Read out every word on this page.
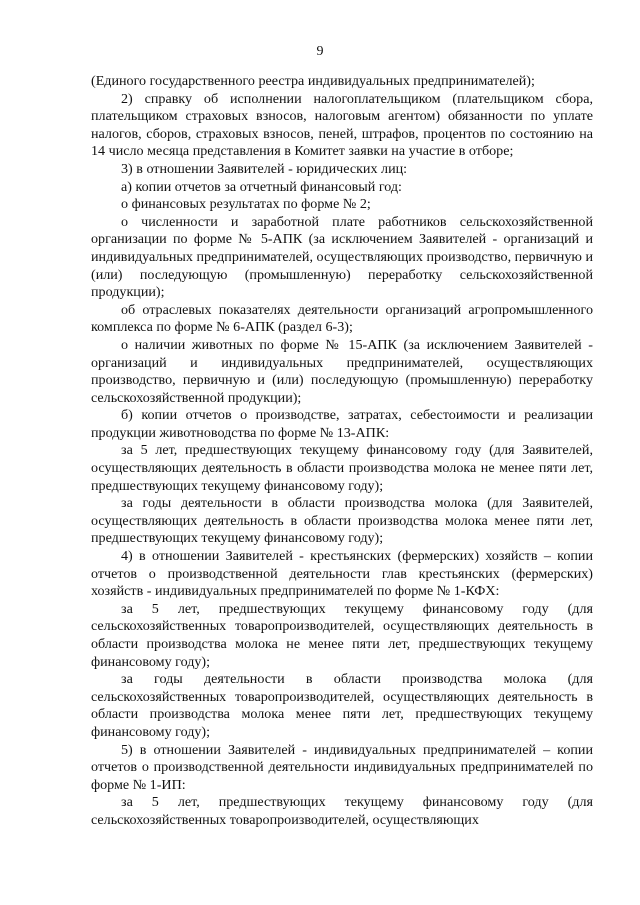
9

(Единого государственного реестра индивидуальных предпринимателей);

2) справку об исполнении налогоплательщиком (плательщиком сбора, плательщиком страховых взносов, налоговым агентом) обязанности по уплате налогов, сборов, страховых взносов, пеней, штрафов, процентов по состоянию на 14 число месяца представления в Комитет заявки на участие в отборе;

3) в отношении Заявителей - юридических лиц:

а) копии отчетов за отчетный финансовый год:

о финансовых результатах по форме № 2;

о численности и заработной плате работников сельскохозяйственной организации по форме № 5-АПК (за исключением Заявителей - организаций и индивидуальных предпринимателей, осуществляющих производство, первичную и (или) последующую (промышленную) переработку сельскохозяйственной продукции);

об отраслевых показателях деятельности организаций агропромышленного комплекса по форме № 6-АПК (раздел 6-3);

о наличии животных по форме № 15-АПК (за исключением Заявителей - организаций и индивидуальных предпринимателей, осуществляющих производство, первичную и (или) последующую (промышленную) переработку сельскохозяйственной продукции);

б) копии отчетов о производстве, затратах, себестоимости и реализации продукции животноводства по форме № 13-АПК:

за 5 лет, предшествующих текущему финансовому году (для Заявителей, осуществляющих деятельность в области производства молока не менее пяти лет, предшествующих текущему финансовому году);

за годы деятельности в области производства молока (для Заявителей, осуществляющих деятельность в области производства молока менее пяти лет, предшествующих текущему финансовому году);

4) в отношении Заявителей - крестьянских (фермерских) хозяйств – копии отчетов о производственной деятельности глав крестьянских (фермерских) хозяйств - индивидуальных предпринимателей по форме № 1-КФХ:

за 5 лет, предшествующих текущему финансовому году (для сельскохозяйственных товаропроизводителей, осуществляющих деятельность в области производства молока не менее пяти лет, предшествующих текущему финансовому году);

за годы деятельности в области производства молока (для сельскохозяйственных товаропроизводителей, осуществляющих деятельность в области производства молока менее пяти лет, предшествующих текущему финансовому году);

5) в отношении Заявителей - индивидуальных предпринимателей – копии отчетов о производственной деятельности индивидуальных предпринимателей по форме № 1-ИП:

за 5 лет, предшествующих текущему финансовому году (для сельскохозяйственных товаропроизводителей, осуществляющих
